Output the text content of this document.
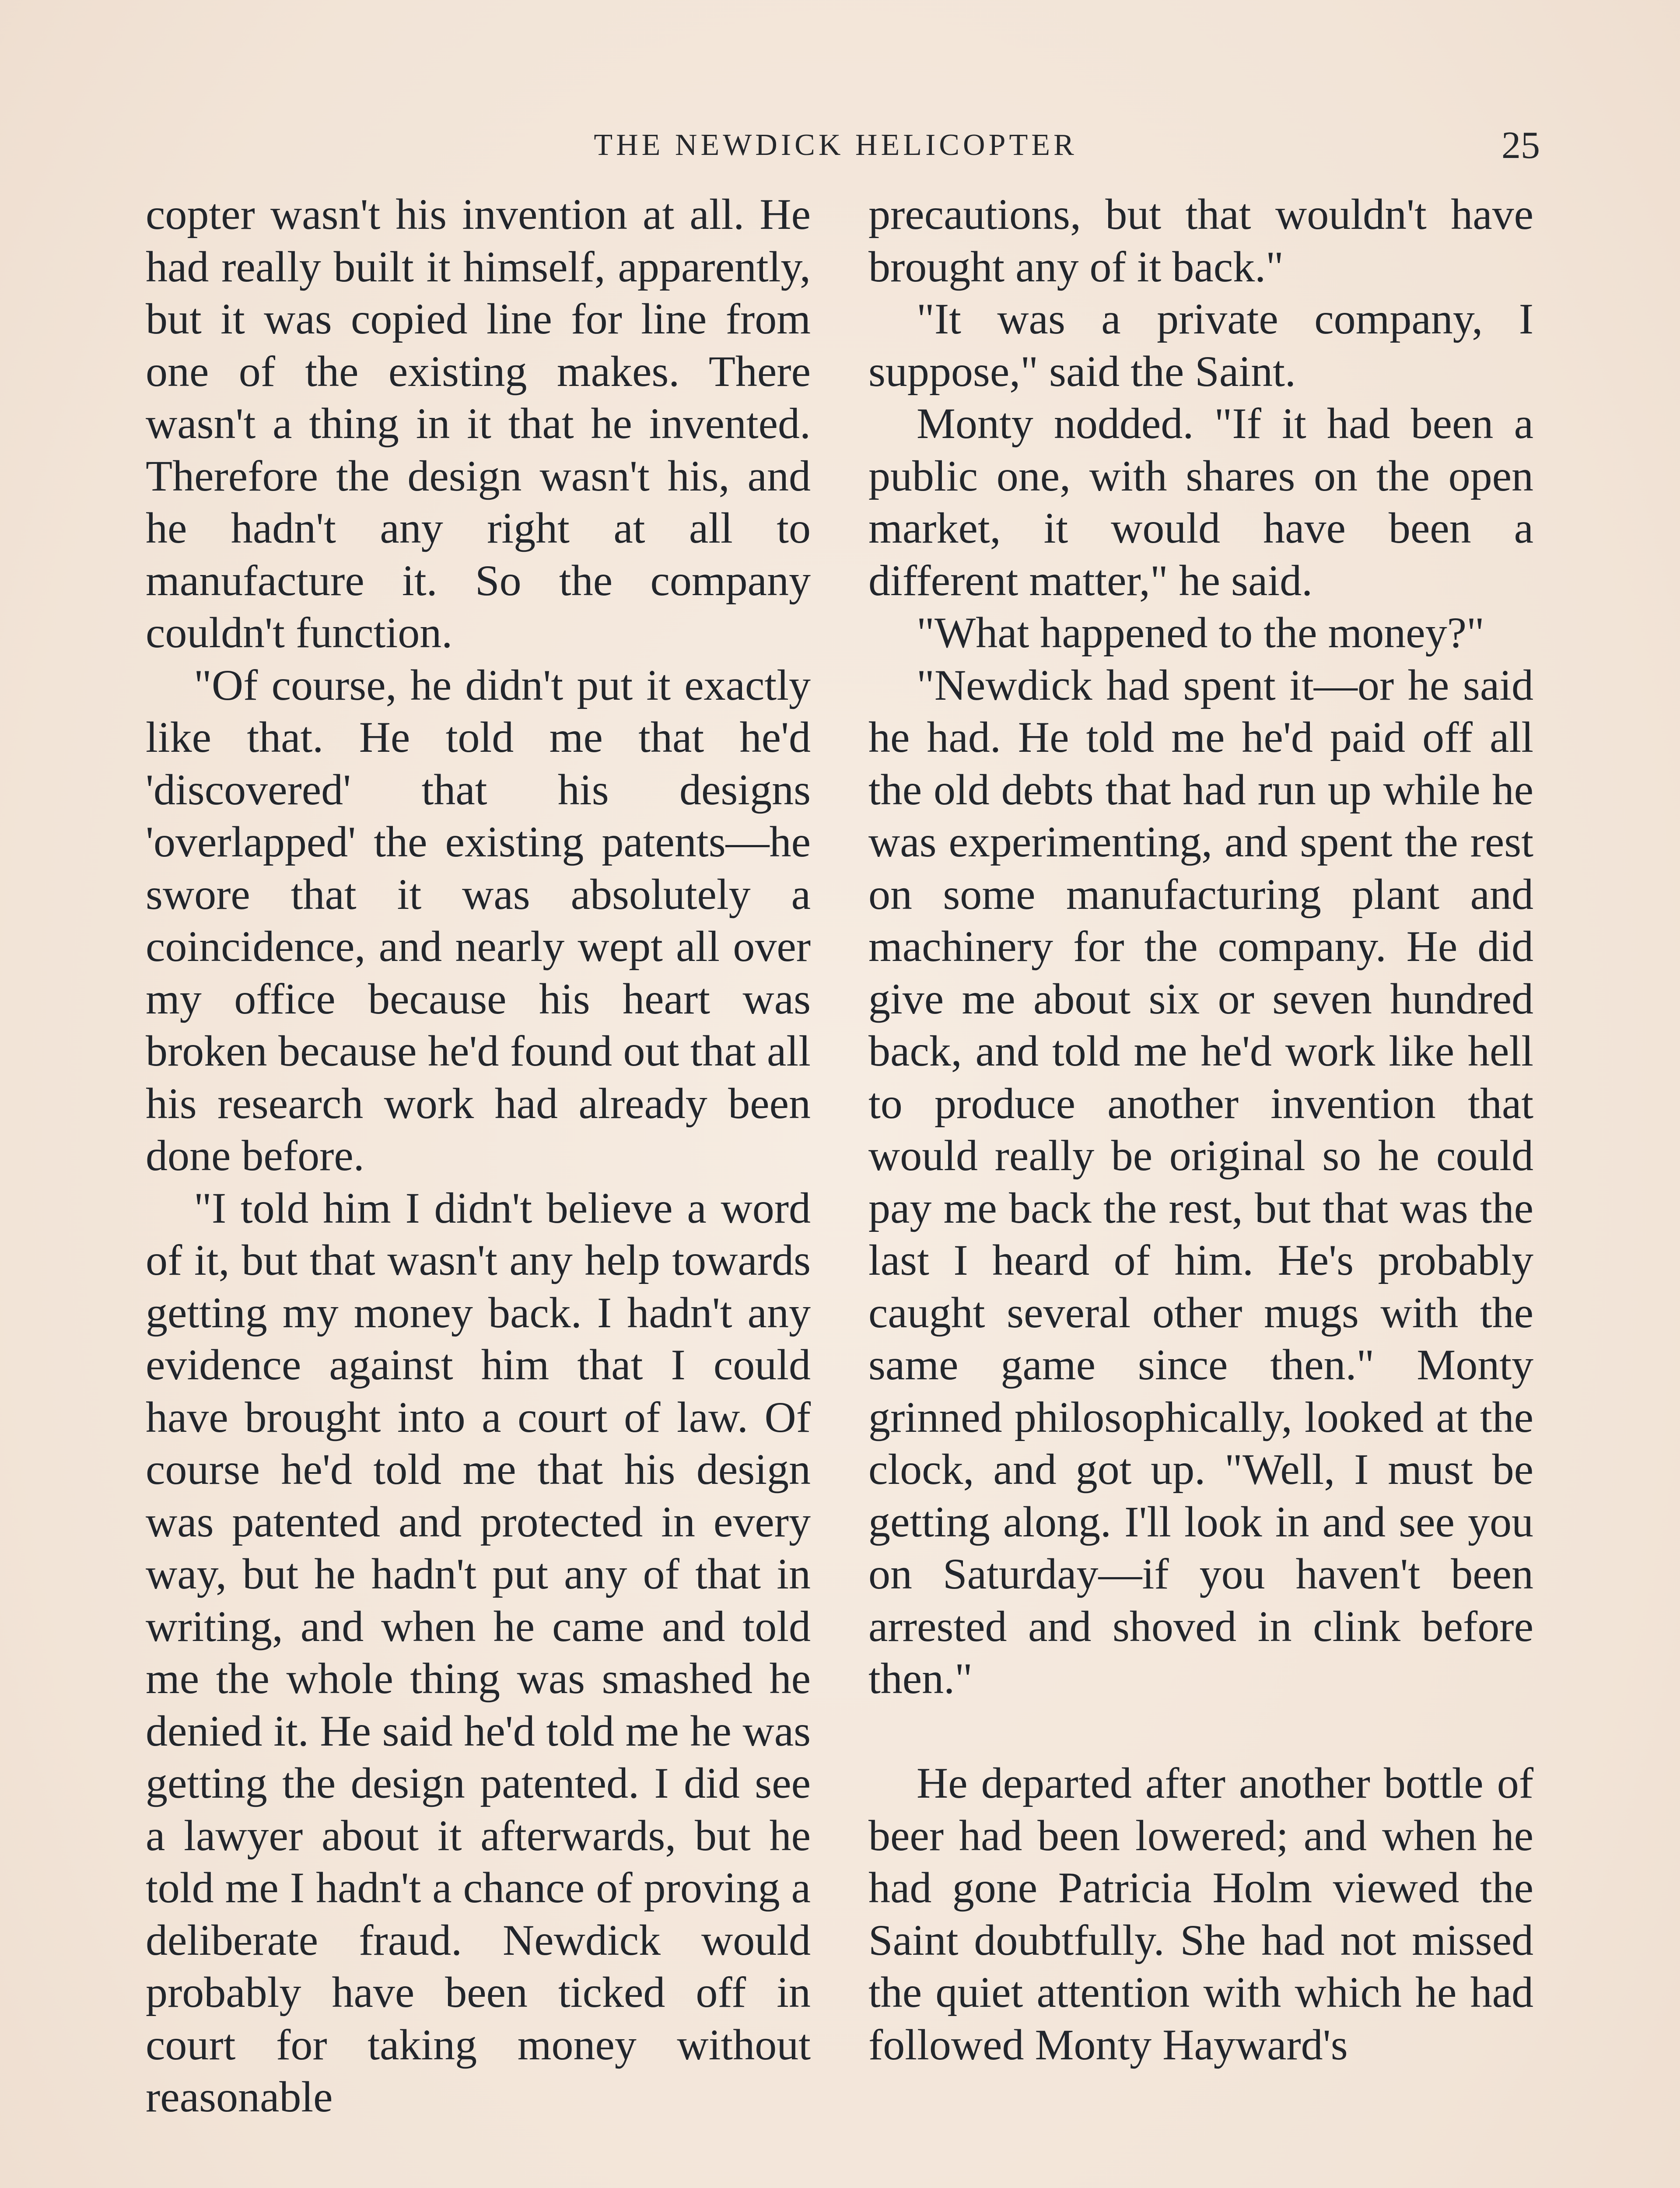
THE NEWDICK HELICOPTER	25

copter wasn't his invention at all. He had really built it himself, apparently, but it was copied line for line from one of the existing makes. There wasn't a thing in it that he invented. Therefore the design wasn't his, and he hadn't any right at all to manufacture it. So the company couldn't function.

"Of course, he didn't put it exactly like that. He told me that he'd 'discovered' that his designs 'overlapped' the existing patents—he swore that it was absolutely a coincidence, and nearly wept all over my office because his heart was broken because he'd found out that all his research work had already been done before.

"I told him I didn't believe a word of it, but that wasn't any help towards getting my money back. I hadn't any evidence against him that I could have brought into a court of law. Of course he'd told me that his design was patented and protected in every way, but he hadn't put any of that in writing, and when he came and told me the whole thing was smashed he denied it. He said he'd told me he was getting the design patented. I did see a lawyer about it afterwards, but he told me I hadn't a chance of proving a deliberate fraud. Newdick would probably have been ticked off in court for taking money without reasonable

precautions, but that wouldn't have brought any of it back."

"It was a private company, I suppose," said the Saint.

Monty nodded. "If it had been a public one, with shares on the open market, it would have been a different matter," he said.

"What happened to the money?"

"Newdick had spent it—or he said he had. He told me he'd paid off all the old debts that had run up while he was experimenting, and spent the rest on some manufacturing plant and machinery for the company. He did give me about six or seven hundred back, and told me he'd work like hell to produce another invention that would really be original so he could pay me back the rest, but that was the last I heard of him. He's probably caught several other mugs with the same game since then." Monty grinned philosophically, looked at the clock, and got up. "Well, I must be getting along. I'll look in and see you on Saturday—if you haven't been arrested and shoved in clink before then."

He departed after another bottle of beer had been lowered; and when he had gone Patricia Holm viewed the Saint doubtfully. She had not missed the quiet attention with which he had followed Monty Hayward's
